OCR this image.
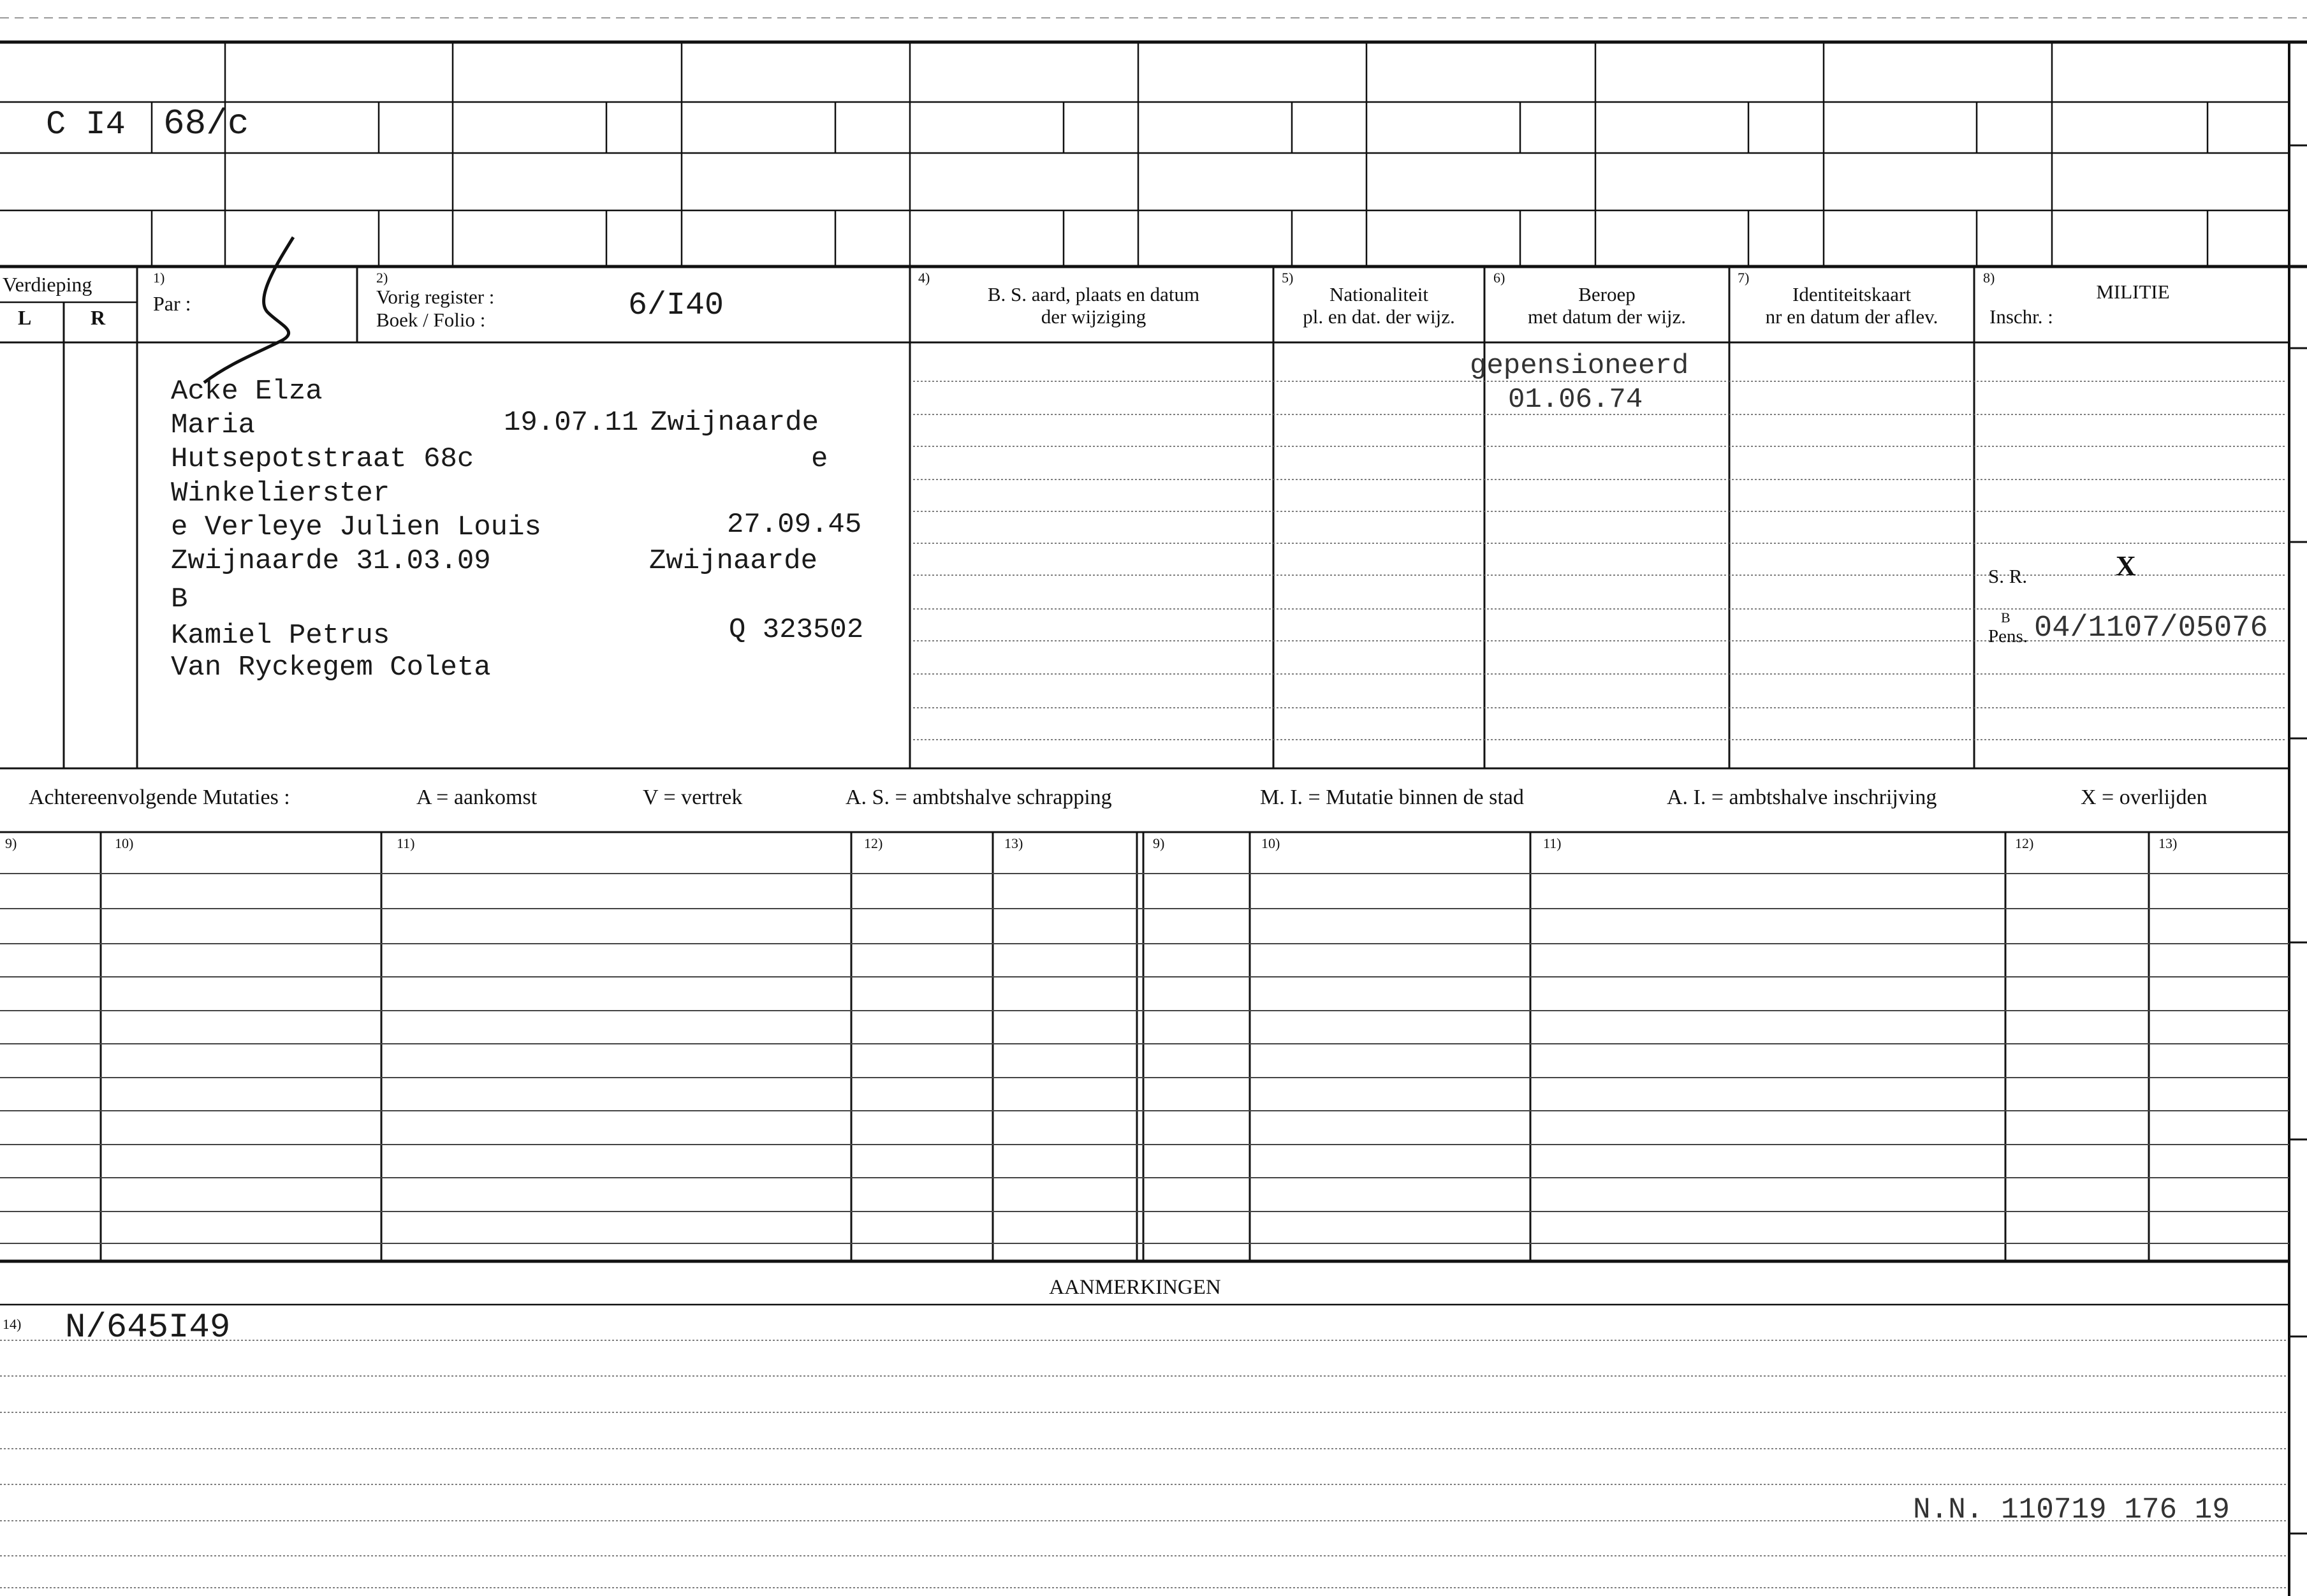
C I4 68/c
Verdieping
L	R
1)
Par :
2)
Vorig register :
Boek / Folio :	6/I40
4)
B. S. aard, plaats en datum
der wijziging
5)
Nationaliteit
pl. en dat. der wijz.
6)
Beroep
met datum der wijz.
7)
Identiteitskaart
nr en datum der aflev.
8)
MILITIE
Inschr. :
Acke Elza
Maria	19.07.11 Zwijnaarde
Hutsepotstraat 68c	e
Winkelierster
e Verleye Julien Louis	27.09.45
Zwijnaarde 31.03.09	Zwijnaarde
B
Kamiel Petrus	Q 323502
Van Ryckegem Coleta
gepensioneerd
01.06.74
S. R.	X
B
Pens. 04/1107/05076
Achtereenvolgende Mutaties :	A = aankomst	V = vertrek	A. S. = ambtshalve schrapping	M. I. = Mutatie binnen de stad	A. I. = ambtshalve inschrijving	X = overlijden
9)	10)	11)	12)	13)	9)	10)	11)	12)	13)
AANMERKINGEN
14) N/645I49
N.N. 110719 176 19
